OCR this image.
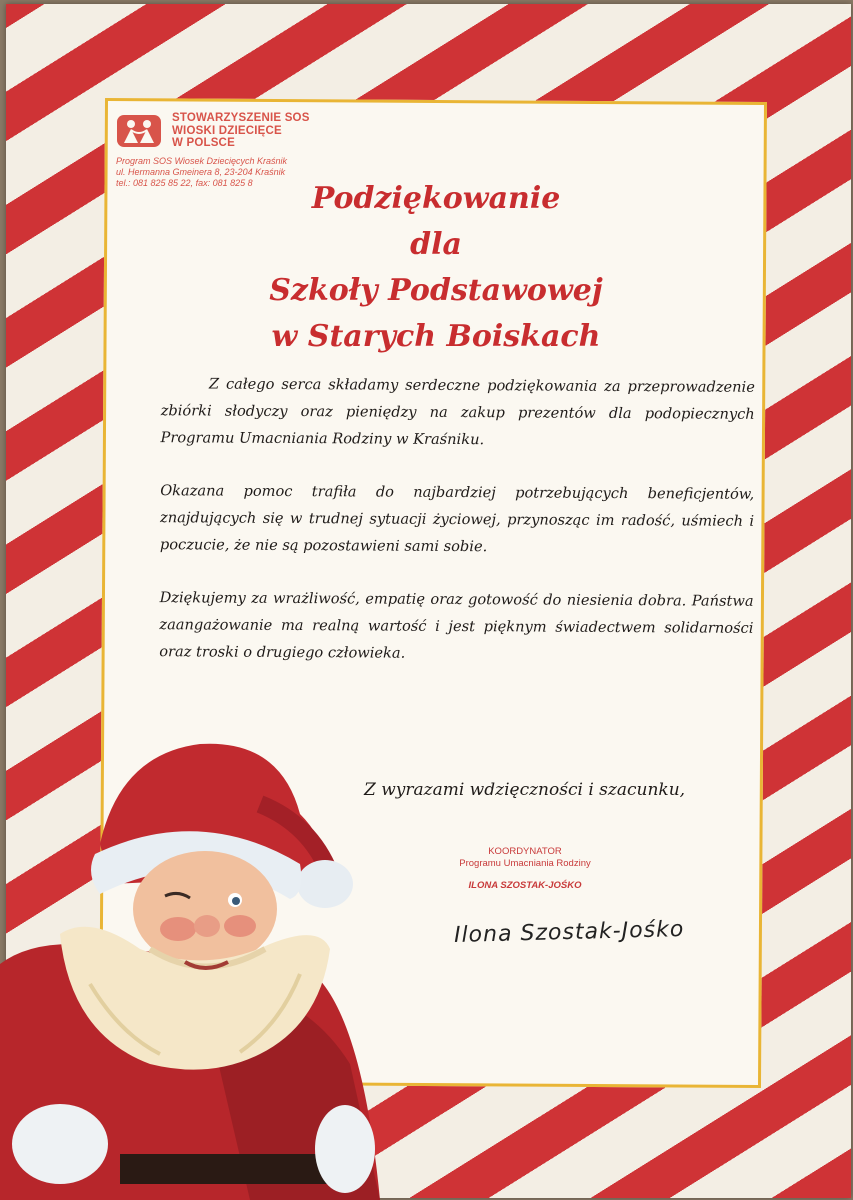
STOWARZYSZENIE SOS
WIOSKI DZIECIĘCE
W POLSCE
Program SOS Wiosek Dziecięcych Kraśnik
ul. Hermanna Gmeinera 8, 23-204 Kraśnik
tel.: 081 825 85 22, fax: 081 825 8	Podziękowanie
dla
Szkoły Podstawowej
w Starych Boiskach

Z całego serca składamy serdeczne podziękowania za przeprowadzenie zbiórki słodyczy oraz pieniędzy na zakup prezentów dla podopiecznych Programu Umacniania Rodziny w Kraśniku.

Okazana pomoc trafiła do najbardziej potrzebujących beneficjentów, znajdujących się w trudnej sytuacji życiowej, przynosząc im radość, uśmiech i poczucie, że nie są pozostawieni sami sobie.

Dziękujemy za wrażliwość, empatię oraz gotowość do niesienia dobra. Państwa zaangażowanie ma realną wartość i jest pięknym świadectwem solidarności oraz troski o drugiego człowieka.

Z wyrazami wdzięczności i szacunku,
KOORDYNATOR
Programu Umacniania Rodziny
ILONA SZOSTAK-JOŚKO
Ilona Szostak-Jośko
